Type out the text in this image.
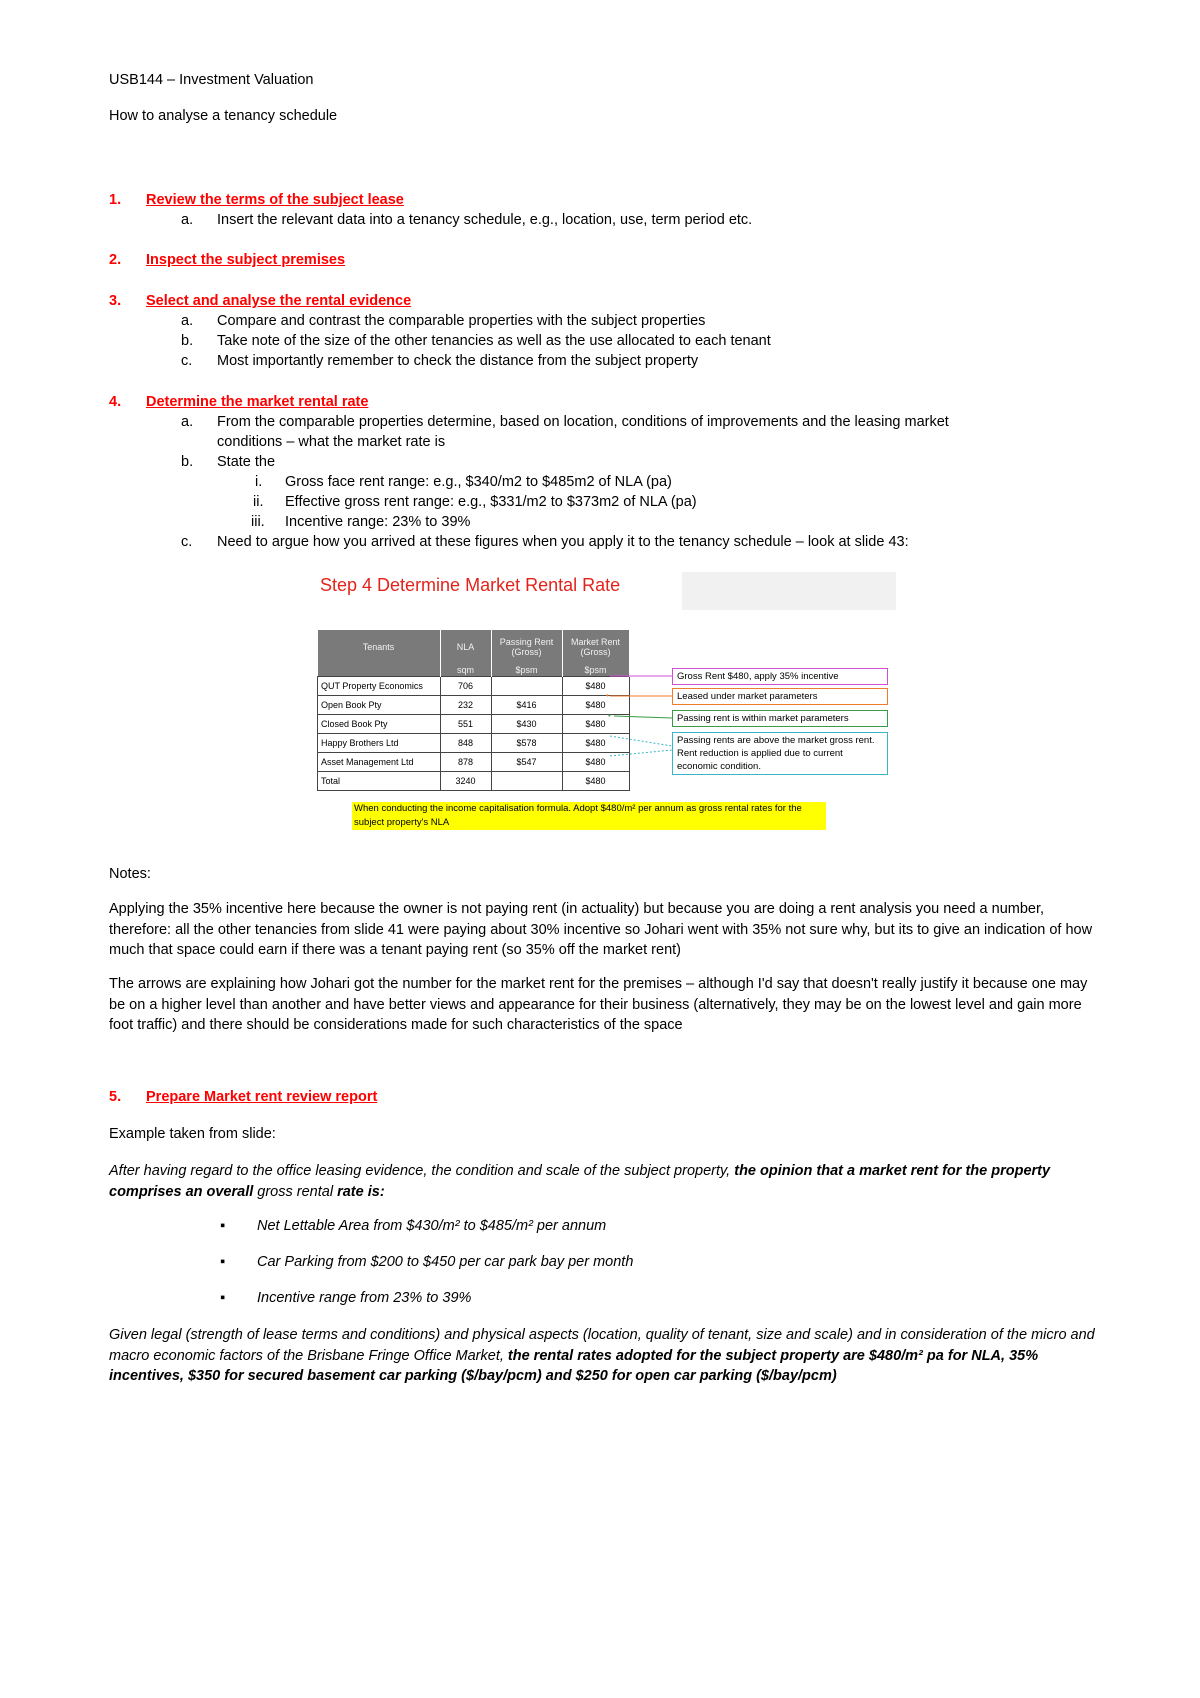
USB144 – Investment Valuation
How to analyse a tenancy schedule
1. Review the terms of the subject lease
a. Insert the relevant data into a tenancy schedule, e.g., location, use, term period etc.
2. Inspect the subject premises
3. Select and analyse the rental evidence
a. Compare and contrast the comparable properties with the subject properties
b. Take note of the size of the other tenancies as well as the use allocated to each tenant
c. Most importantly remember to check the distance from the subject property
4. Determine the market rental rate
a. From the comparable properties determine, based on location, conditions of improvements and the leasing market
conditions – what the market rate is
b. State the
i. Gross face rent range: e.g., $340/m2 to $485m2 of NLA (pa)
ii. Effective gross rent range: e.g., $331/m2 to $373m2 of NLA (pa)
iii. Incentive range: 23% to 39%
c. Need to argue how you arrived at these figures when you apply it to the tenancy schedule – look at slide 43:
Step 4 Determine Market Rental Rate
Tenants	NLA	Passing Rent (Gross)	Market Rent (Gross)
	sqm	$psm	$psm
QUT Property Economics	706		$480
Open Book Pty	232	$416	$480
Closed Book Pty	551	$430	$480
Happy Brothers Ltd	848	$578	$480
Asset Management Ltd	878	$547	$480
Total	3240		$480
•
•
Gross Rent $480, apply 35% incentive
Leased under market parameters
Passing rent is within market parameters
Passing rents are above the market gross rent. Rent reduction is applied due to current economic condition.
When conducting the income capitalisation formula. Adopt $480/m² per annum as gross rental rates for the subject property's NLA
Notes:
Applying the 35% incentive here because the owner is not paying rent (in actuality) but because you are doing a rent analysis you need a number, therefore: all the other tenancies from slide 41 were paying about 30% incentive so Johari went with 35% not sure why, but its to give an indication of how much that space could earn if there was a tenant paying rent (so 35% off the market rent)
The arrows are explaining how Johari got the number for the market rent for the premises – although I'd say that doesn't really justify it because one may be on a higher level than another and have better views and appearance for their business (alternatively, they may be on the lowest level and gain more foot traffic) and there should be considerations made for such characteristics of the space
5. Prepare Market rent review report
Example taken from slide:
After having regard to the office leasing evidence, the condition and scale of the subject property, the opinion that a market rent for the property comprises an overall gross rental rate is:
▪ Net Lettable Area from $430/m² to $485/m² per annum
▪ Car Parking from $200 to $450 per car park bay per month
▪ Incentive range from 23% to 39%
Given legal (strength of lease terms and conditions) and physical aspects (location, quality of tenant, size and scale) and in consideration of the micro and macro economic factors of the Brisbane Fringe Office Market, the rental rates adopted for the subject property are $480/m² pa for NLA, 35% incentives, $350 for secured basement car parking ($/bay/pcm) and $250 for open car parking ($/bay/pcm)
